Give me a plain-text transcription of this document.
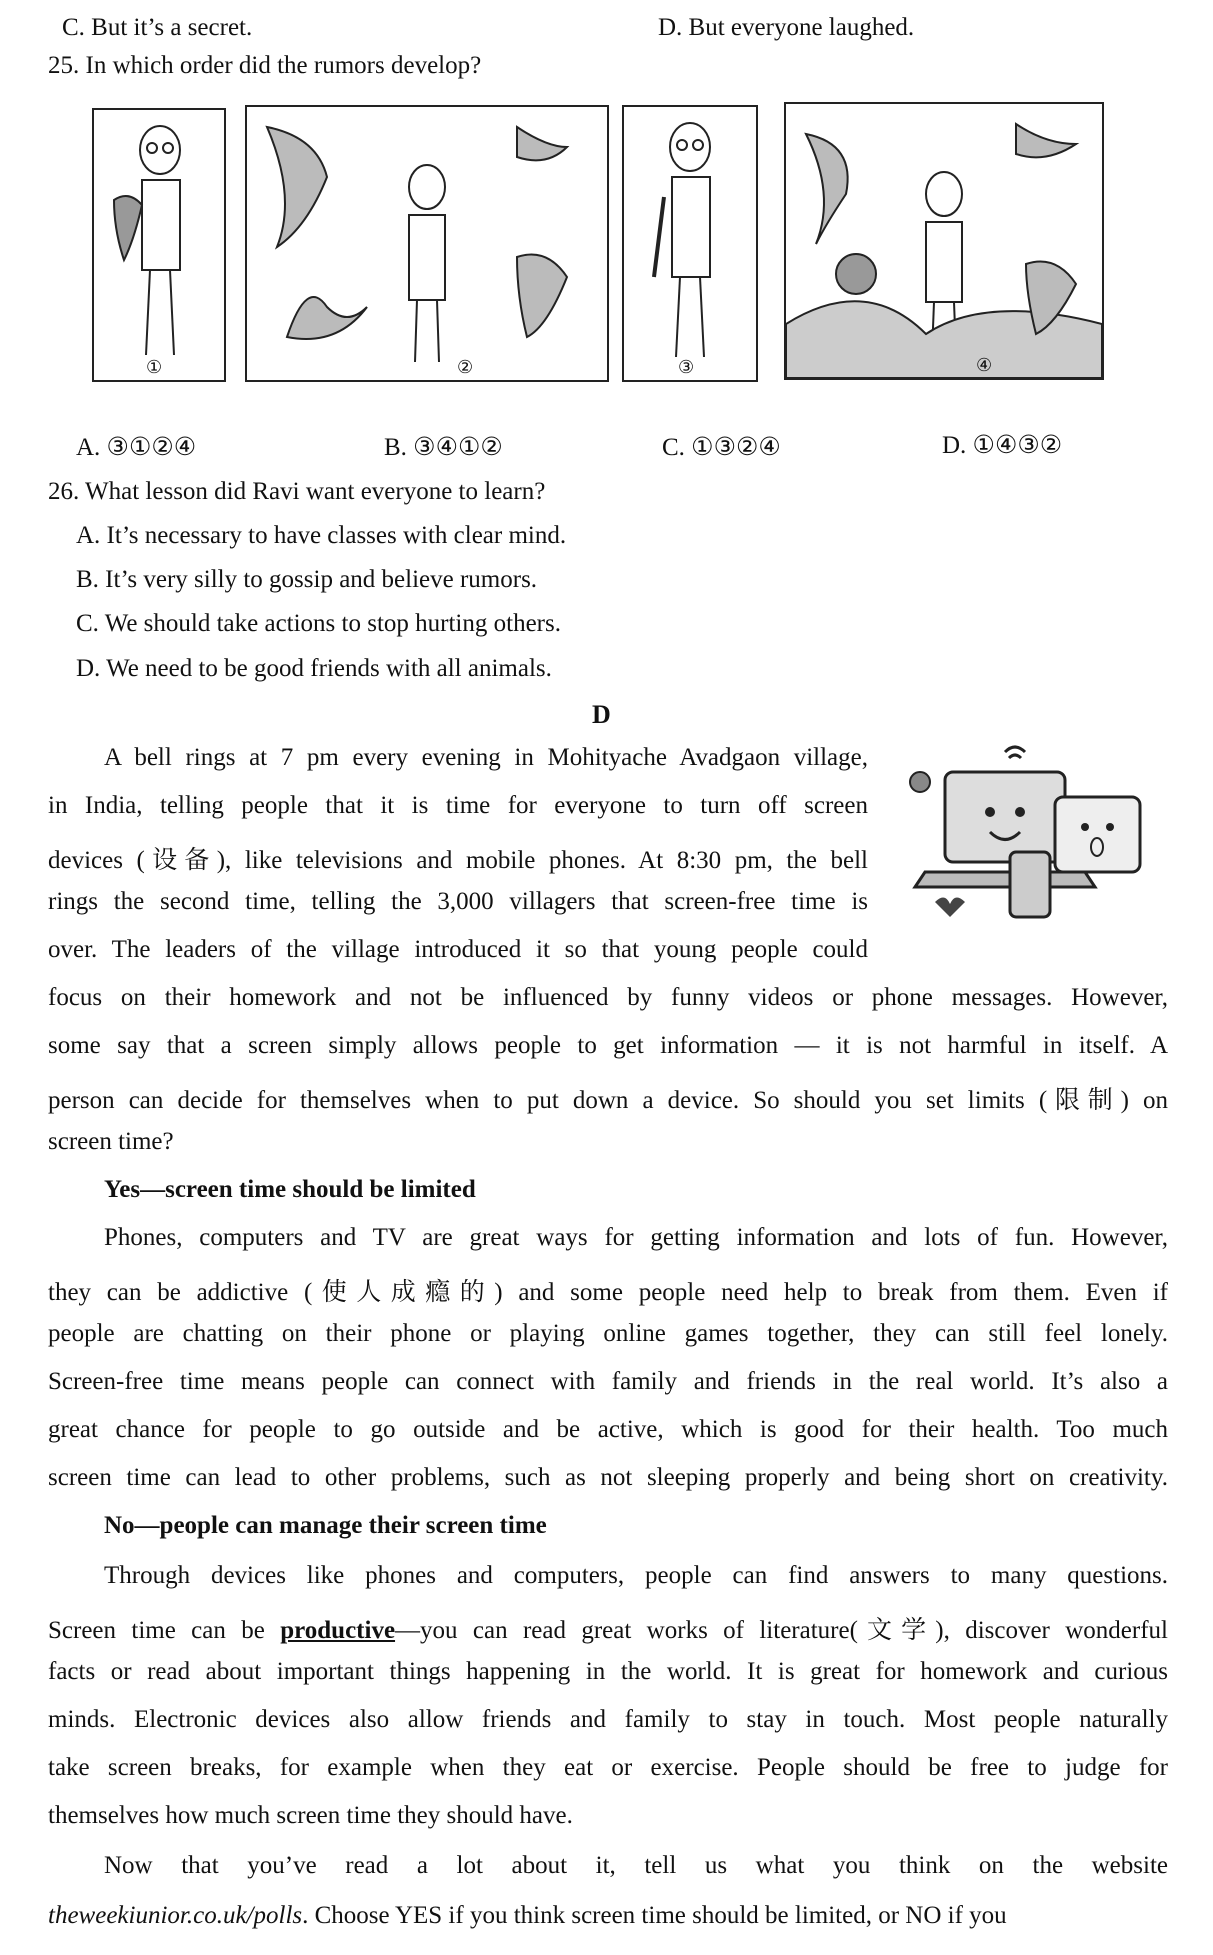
C. But it’s a secret.	D. But everyone laughed.
25. In which order did the rumors develop?
①	②	③	④
A. ③①②④	B. ③④①②	C. ①③②④	D. ①④③②
26. What lesson did Ravi want everyone to learn?
A. It’s necessary to have classes with clear mind.
B. It’s very silly to gossip and believe rumors.
C. We should take actions to stop hurting others.
D. We need to be good friends with all animals.
D
A bell rings at 7 pm every evening in Mohityache Avadgaon village,
in India, telling people that it is time for everyone to turn off screen
devices (设备), like televisions and mobile phones. At 8:30 pm, the bell
rings the second time, telling the 3,000 villagers that screen-free time is
over. The leaders of the village introduced it so that young people could
focus on their homework and not be influenced by funny videos or phone messages. However,
some say that a screen simply allows people to get information — it is not harmful in itself. A
person can decide for themselves when to put down a device. So should you set limits (限制) on
screen time?
Yes—screen time should be limited
Phones, computers and TV are great ways for getting information and lots of fun. However,
they can be addictive (使人成瘾的) and some people need help to break from them. Even if
people are chatting on their phone or playing online games together, they can still feel lonely.
Screen-free time means people can connect with family and friends in the real world. It’s also a
great chance for people to go outside and be active, which is good for their health. Too much
screen time can lead to other problems, such as not sleeping properly and being short on creativity.
No—people can manage their screen time
Through devices like phones and computers, people can find answers to many questions.
Screen time can be productive—you can read great works of literature(文学), discover wonderful
facts or read about important things happening in the world. It is great for homework and curious
minds. Electronic devices also allow friends and family to stay in touch. Most people naturally
take screen breaks, for example when they eat or exercise. People should be free to judge for
themselves how much screen time they should have.
Now that you’ve read a lot about it, tell us what you think on the website
theweekiunior.co.uk/polls. Choose YES if you think screen time should be limited, or NO if you
